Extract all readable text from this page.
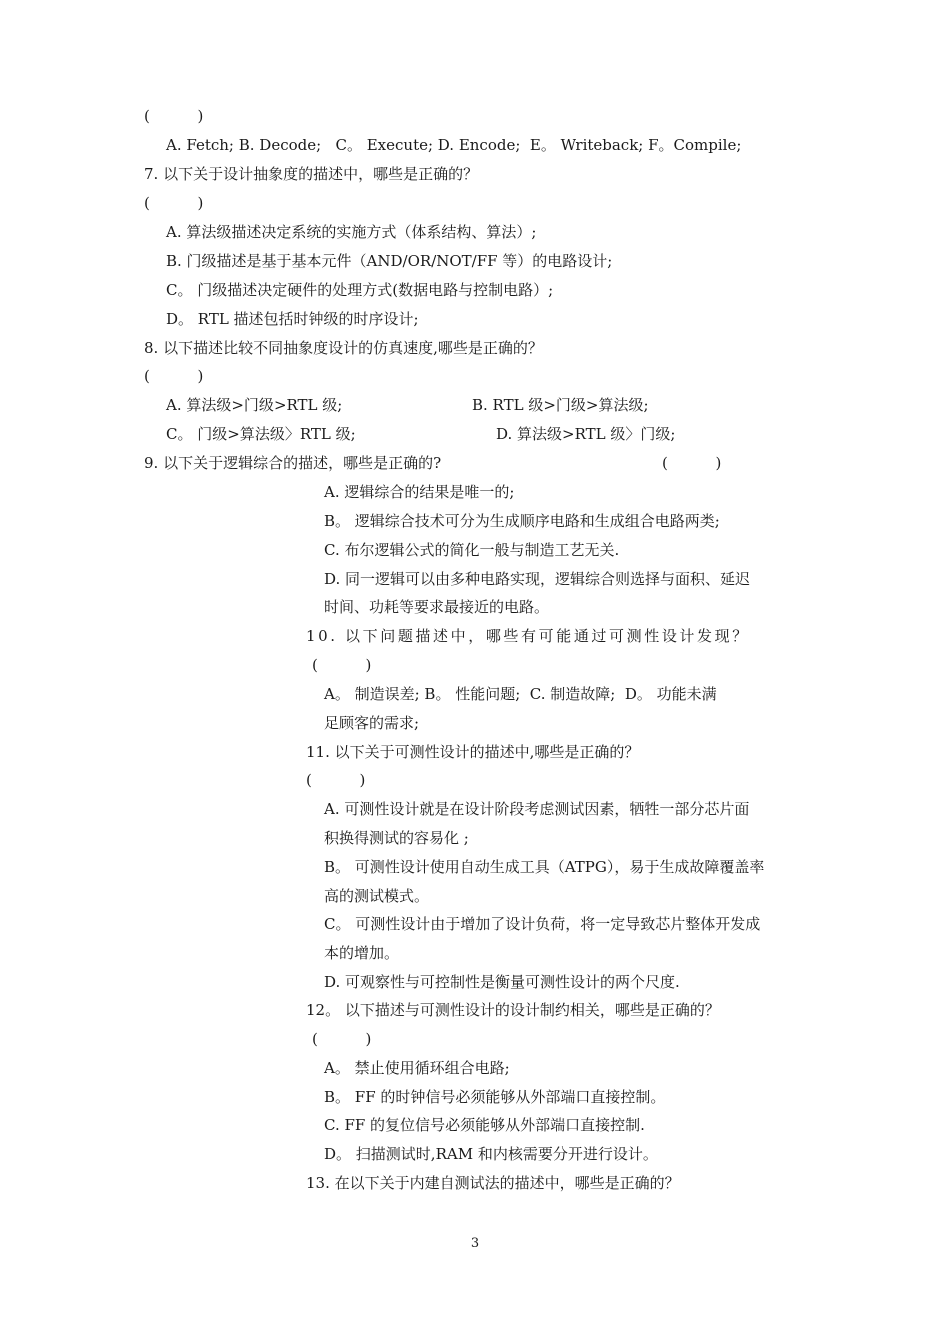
(          )
A. Fetch; B. Decode;   C。 Execute; D. Encode;  E。 Writeback; F。Compile;
7. 以下关于设计抽象度的描述中，哪些是正确的？
(          )
A. 算法级描述决定系统的实施方式（体系结构、算法）;
B. 门级描述是基于基本元件（AND/OR/NOT/FF 等）的电路设计;
C。 门级描述决定硬件的处理方式(数据电路与控制电路）;
D。 RTL 描述包括时钟级的时序设计;
8. 以下描述比较不同抽象度设计的仿真速度,哪些是正确的？
(          )
A. 算法级>门级>RTL 级;	B. RTL 级>门级>算法级;
C。 门级>算法级〉RTL 级;	D. 算法级>RTL 级〉门级;
9. 以下关于逻辑综合的描述，哪些是正确的?	(          )
A. 逻辑综合的结果是唯一的;
B。 逻辑综合技术可分为生成顺序电路和生成组合电路两类;
C. 布尔逻辑公式的简化一般与制造工艺无关.
D. 同一逻辑可以由多种电路实现，逻辑综合则选择与面积、延迟
时间、功耗等要求最接近的电路。
10. 以下问题描述中，哪些有可能通过可测性设计发现？
(          )
A。 制造误差; B。 性能问题;  C. 制造故障;  D。 功能未满
足顾客的需求;
11. 以下关于可测性设计的描述中,哪些是正确的？
(          )
A. 可测性设计就是在设计阶段考虑测试因素，牺牲一部分芯片面
积换得测试的容易化 ;
B。 可测性设计使用自动生成工具（ATPG），易于生成故障覆盖率
高的测试模式。
C。 可测性设计由于增加了设计负荷，将一定导致芯片整体开发成
本的增加。
D. 可观察性与可控制性是衡量可测性设计的两个尺度.
12。 以下描述与可测性设计的设计制约相关，哪些是正确的？
(          )
A。 禁止使用循环组合电路;
B。 FF 的时钟信号必须能够从外部端口直接控制。
C. FF 的复位信号必须能够从外部端口直接控制.
D。 扫描测试时,RAM 和内核需要分开进行设计。
13. 在以下关于内建自测试法的描述中，哪些是正确的？
3
